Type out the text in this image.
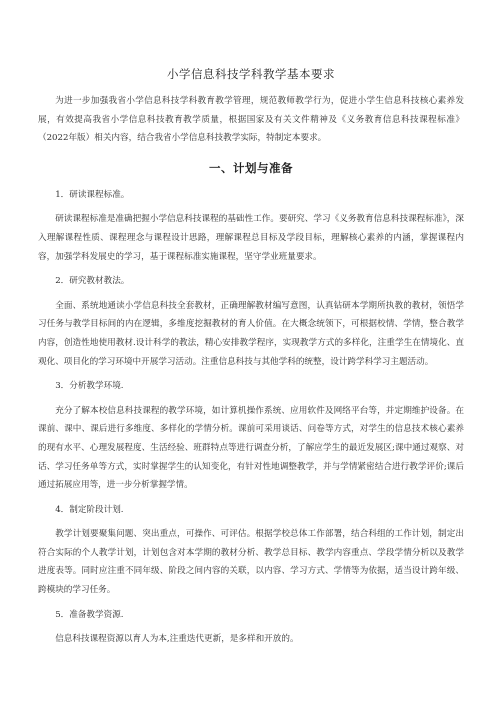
小学信息科技学科教学基本要求

为进一步加强我省小学信息科技学科教育教学管理，规范教师教学行为，促进小学生信息科技核心素养发展，有效提高我省小学信息科技教育教学质量，根据国家及有关文件精神及《义务教育信息科技课程标准》（2022年版）相关内容，结合我省小学信息科技教学实际，特制定本要求。

一、计划与准备

1．研读课程标准。

研读课程标准是准确把握小学信息科技课程的基础性工作。要研究、学习《义务教育信息科技课程标准》，深入理解课程性质、课程理念与课程设计思路，理解课程总目标及学段目标，理解核心素养的内涵，掌握课程内容，加强学科发展史的学习，基于课程标准实施课程，坚守学业班量要求。

2．研究教材教法。

全面、系统地通读小学信息科技全套教材，正确理解教材编写意图，认真钻研本学期所执教的教材，领悟学习任务与教学目标间的内在逻辑，多维度挖掘教材的育人价值。在大概念统领下，可根据校情、学情，整合教学内容，创造性地使用教材.设计科学的教法，精心安排教学程序，实现教学方式的多样化，注重学生在情境化、直观化、项目化的学习环境中开展学习活动。注重信息科技与其他学科的统整，设计跨学科学习主题活动。

3．分析教学环境.

充分了解本校信息科技课程的教学环境，如计算机操作系统、应用软件及网络平台等，并定期维护设备。在课前、课中、课后进行多维度、多样化的学情分析。课前可采用谈话、问卷等方式，对学生的信息技术核心素养的现有水平、心理发展程度、生活经验、班群特点等进行调查分析，了解应学生的最近发展区;课中通过观察、对话、学习任务单等方式，实时掌握学生的认知变化，有针对性地调整教学，并与学情紧密结合进行教学评价;课后通过拓展应用等，进一步分析掌握学情。

4．制定阶段计划.

教学计划要聚集问题、突出重点，可操作、可评估。根据学校总体工作部署，结合科组的工作计划，制定出符合实际的个人教学计划，计划包含对本学期的教材分析、教学总目标、教学内容重点、学段学情分析以及教学进度表等。同时应注重不同年级、阶段之间内容的关联，以内容、学习方式、学情等为依据，适当设计跨年级、跨模块的学习任务。

5．准备教学资源.

信息科技课程资源以育人为本,注重迭代更新，是多样和开放的。
